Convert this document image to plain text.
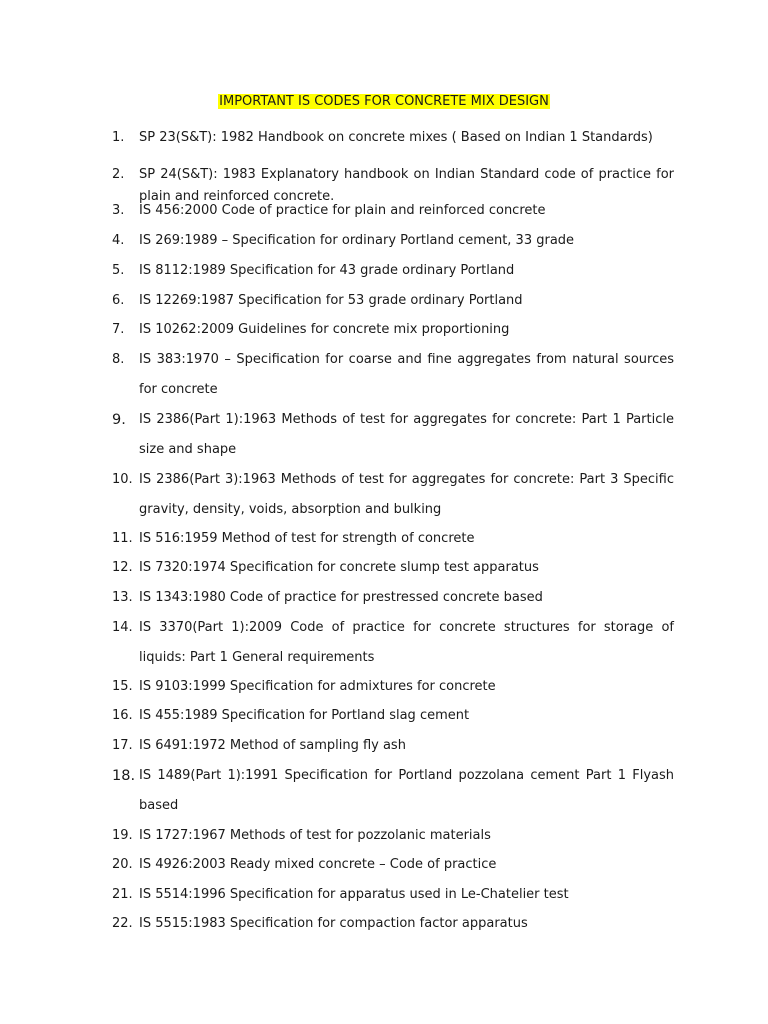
IMPORTANT IS CODES FOR CONCRETE MIX DESIGN
1.	SP 23(S&T): 1982 Handbook on concrete mixes ( Based on Indian 1 Standards)
2.	SP 24(S&T): 1983 Explanatory handbook on Indian Standard code of practice for plain and reinforced concrete.
3.	IS 456:2000 Code of practice for plain and reinforced concrete
4.	IS 269:1989 – Specification for ordinary Portland cement, 33 grade
5.	IS 8112:1989 Specification for 43 grade ordinary Portland
6.	IS 12269:1987 Specification for 53 grade ordinary Portland
7.	IS 10262:2009 Guidelines for concrete mix proportioning
8.	IS 383:1970 – Specification for coarse and fine aggregates from natural sources for concrete
9.	IS 2386(Part 1):1963 Methods of test for aggregates for concrete: Part 1 Particle size and shape
10. IS 2386(Part 3):1963 Methods of test for aggregates for concrete: Part 3 Specific gravity, density, voids, absorption and bulking
11. IS 516:1959 Method of test for strength of concrete
12. IS 7320:1974 Specification for concrete slump test apparatus
13. IS 1343:1980 Code of practice for prestressed concrete based
14. IS 3370(Part 1):2009 Code of practice for concrete structures for storage of liquids: Part 1 General requirements
15. IS 9103:1999 Specification for admixtures for concrete
16. IS 455:1989 Specification for Portland slag cement
17. IS 6491:1972 Method of sampling fly ash
18. IS 1489(Part 1):1991 Specification for Portland pozzolana cement Part 1 Flyash based
19. IS 1727:1967 Methods of test for pozzolanic materials
20. IS 4926:2003 Ready mixed concrete – Code of practice
21. IS 5514:1996 Specification for apparatus used in Le-Chatelier test
22. IS 5515:1983 Specification for compaction factor apparatus
